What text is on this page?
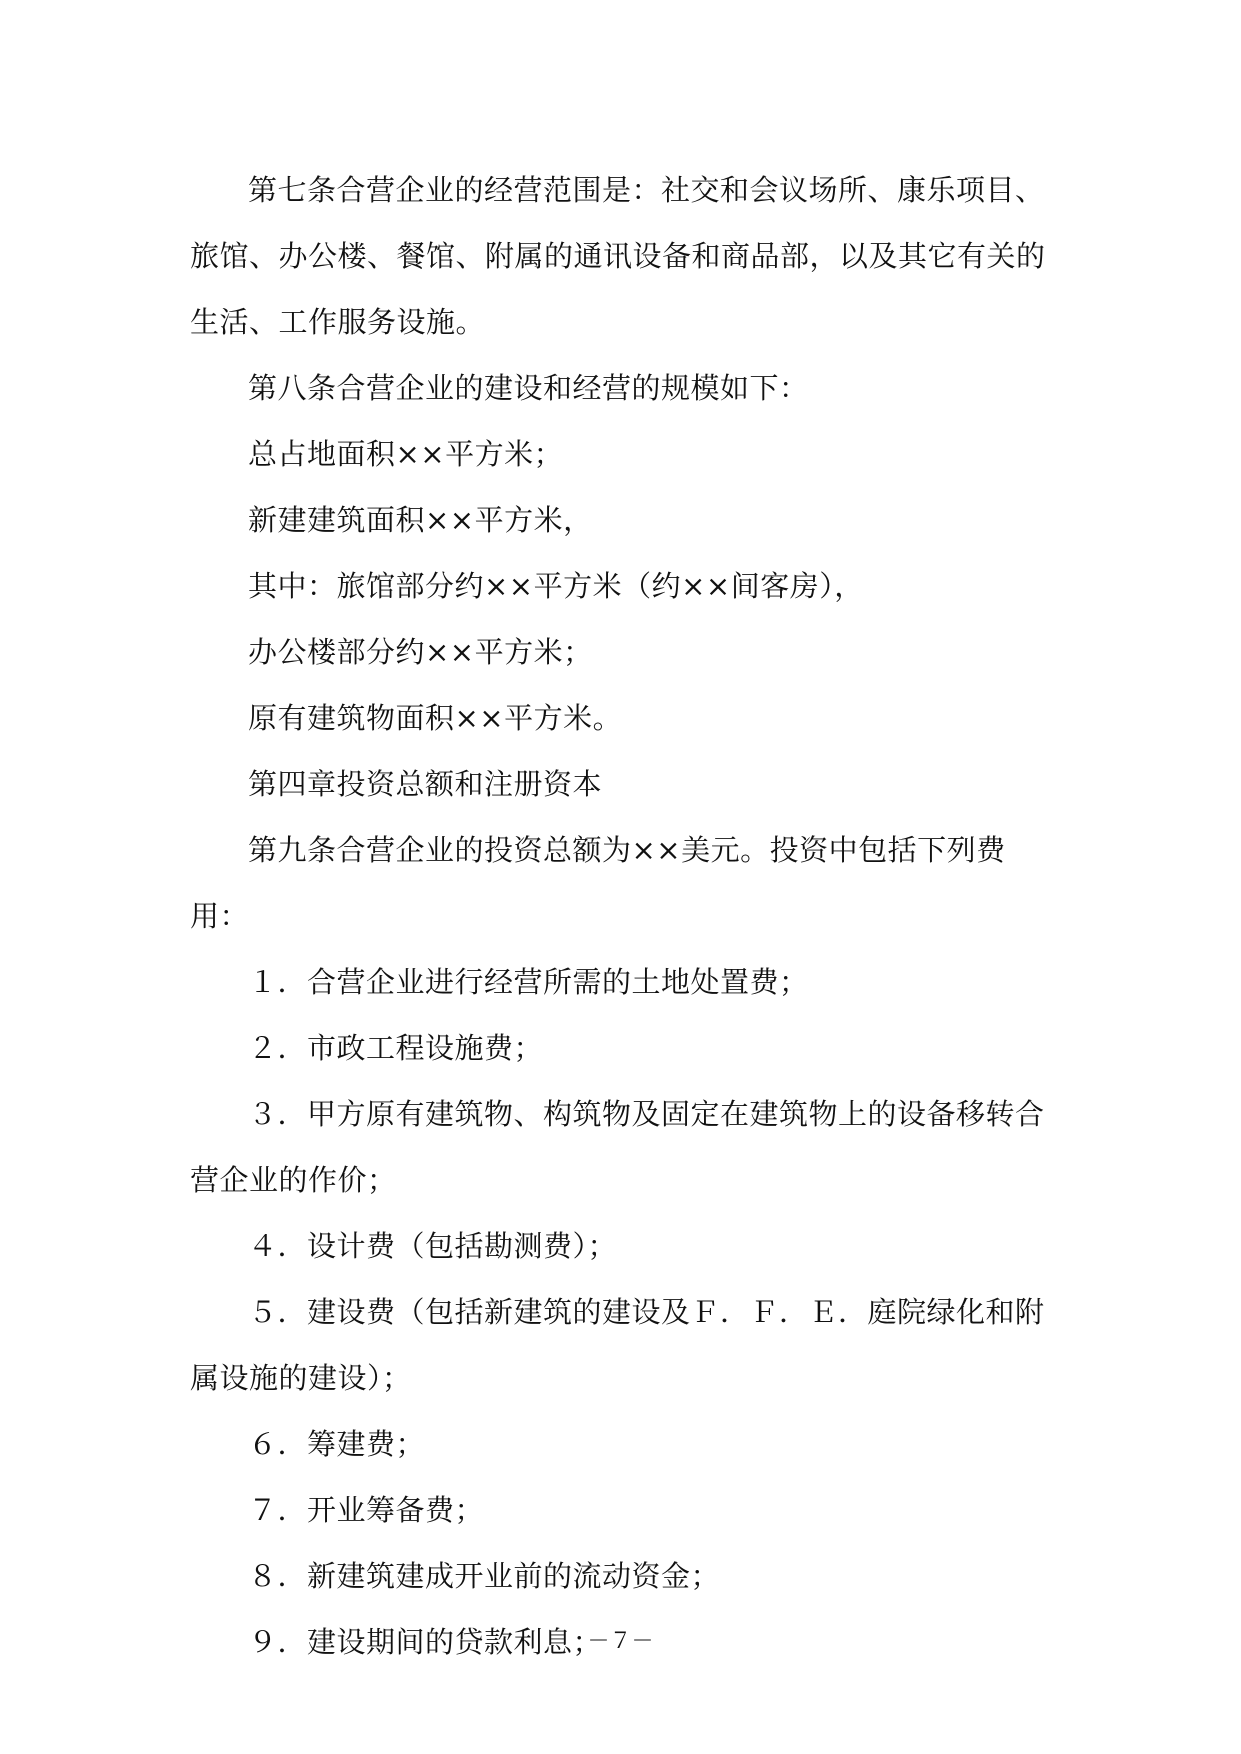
第七条合营企业的经营范围是：社交和会议场所、康乐项目、旅馆、办公楼、餐馆、附属的通讯设备和商品部，以及其它有关的生活、工作服务设施。

第八条合营企业的建设和经营的规模如下：

总占地面积××平方米；

新建建筑面积××平方米，

其中：旅馆部分约××平方米（约××间客房），

办公楼部分约××平方米；

原有建筑物面积××平方米。

第四章投资总额和注册资本

第九条合营企业的投资总额为××美元。投资中包括下列费用：

１．合营企业进行经营所需的土地处置费；

２．市政工程设施费；

３．甲方原有建筑物、构筑物及固定在建筑物上的设备移转合营企业的作价；

４．设计费（包括勘测费）；

５．建设费（包括新建筑的建设及Ｆ．Ｆ．Ｅ．庭院绿化和附属设施的建设）；

６．筹建费；

７．开业筹备费；

８．新建筑建成开业前的流动资金；

９．建设期间的贷款利息；

－７－
